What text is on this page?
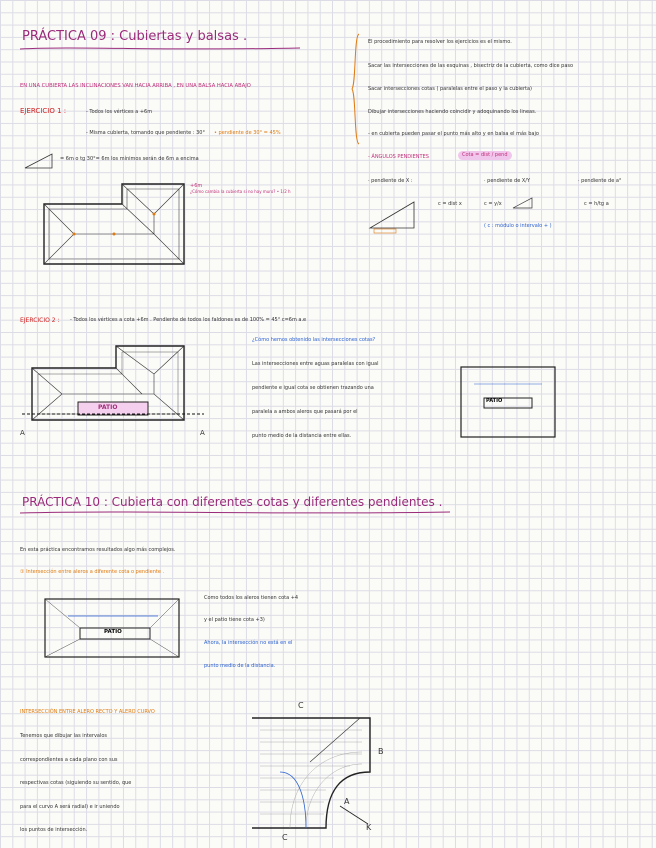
PRÁCTICA 09 : Cubiertas y balsas .
EN UNA CUBIERTA LAS INCLINACIONES VAN HACIA ARRIBA , EN UNA BALSA HACIA ABAJO
EJERCICIO 1 :	- Todos los vértices a +6m
- Misma cubierta, tomando que pendiente : 30° • pendiente de 30° = 45%
= 6m o tg 30°= 6m los mínimos serán de 6m a encima
+6m
¿Cómo cambia la cubierta si no hay muro? • 1/2 h
El procedimiento para resolver los ejercicios es el mismo.
Sacar las intersecciones de las esquinas , bisectriz de la cubierta, como dice paso
Sacar intersecciones cotas ( paralelas entre el paso y la cubierta)
Dibujar intersecciones haciendo coincidir y adoquinando los lineas.
- en cubierta pueden pasar el punto más alto y en balsa el más bajo
- ÁNGULOS PENDIENTES	Cota = dist / pend
· pendiente de X :	· pendiente de X/Y	· pendiente de a°
c = dist x	c = y/x	c = h/tg a
( c : módulo o intervalo + )
EJERCICIO 2 : - Todos los vértices a cota +6m . Pendiente de todos los faldones es de 100% = 45° c=6m a.e
PATIO
A	A
¿Cómo hemos obtenido las intersecciones cotas?
Las intersecciones entre aguas paralelas con igual
pendiente e igual cota se obtienen trazando una
paralela a ambos aleros que pasará por el
punto medio de la distancia entre ellas.
PATIO
PRÁCTICA 10 : Cubierta con diferentes cotas y diferentes pendientes .
En esta práctica encontramos resultados algo más complejos.
① Intersección entre aleros a diferente cota o pendiente .
PATIO
Como todos los aleros tienen cota +4
y el patio tiene cota +3)
Ahora, la intersección no está en el
punto medio de la distancia.
INTERSECCIÓN ENTRE ALERO RECTO Y ALERO CURVO
Tenemos que dibujar las intervalos
correspondientes a cada plano con sus
respectivas cotas (siguiendo su sentido, que
para el curvo A será radial) e ir uniendo
los puntos de intersección.
C
B
C
A
K
